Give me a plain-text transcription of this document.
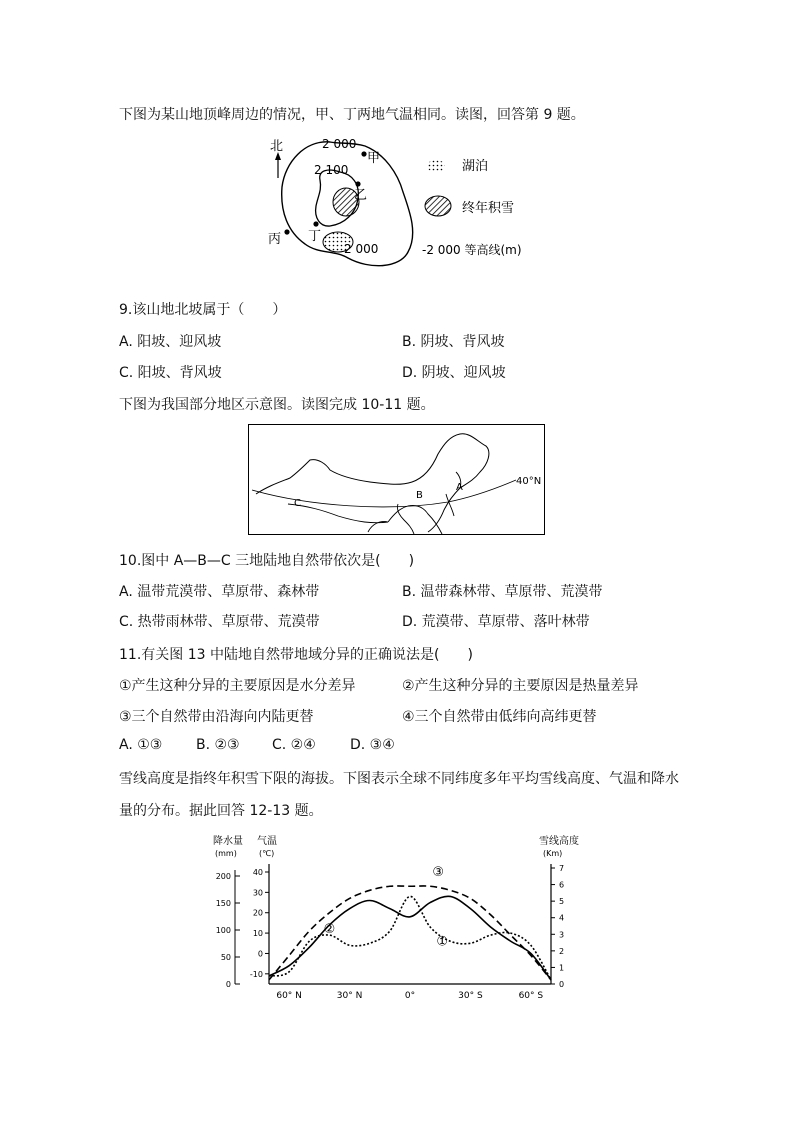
下图为某山地顶峰周边的情况，甲、丁两地气温相同。读图，回答第 9 题。
北	2 000
2 100
2 000
甲
乙
丁
丙
湖泊
终年积雪
-2 000 等高线(m)
9.该山地北坡属于（　　）
A. 阳坡、迎风坡	B. 阴坡、背风坡
C. 阳坡、背风坡	D. 阴坡、迎风坡
下图为我国部分地区示意图。读图完成 10-11 题。
40°N
A
B
C
10.图中 A—B—C 三地陆地自然带依次是(　　)
A. 温带荒漠带、草原带、森林带	B. 温带森林带、草原带、荒漠带
C. 热带雨林带、草原带、荒漠带	D. 荒漠带、草原带、落叶林带
11.有关图 13 中陆地自然带地域分异的正确说法是(　　)
①产生这种分异的主要原因是水分差异	②产生这种分异的主要原因是热量差异
③三个自然带由沿海向内陆更替	④三个自然带由低纬向高纬更替
A. ①③ B. ②③ C. ②④ D. ③④
雪线高度是指终年积雪下限的海拔。下图表示全球不同纬度多年平均雪线高度、气温和降水
量的分布。据此回答 12-13 题。
降水量
(mm)
气温
(℃)
雪线高度
(Km)
200
150
100
50
0
40
30
20
10
0
-10
7
6
5
4
3
2
1
0
60° N	30° N	0°	30° S	60° S
①
②
③
